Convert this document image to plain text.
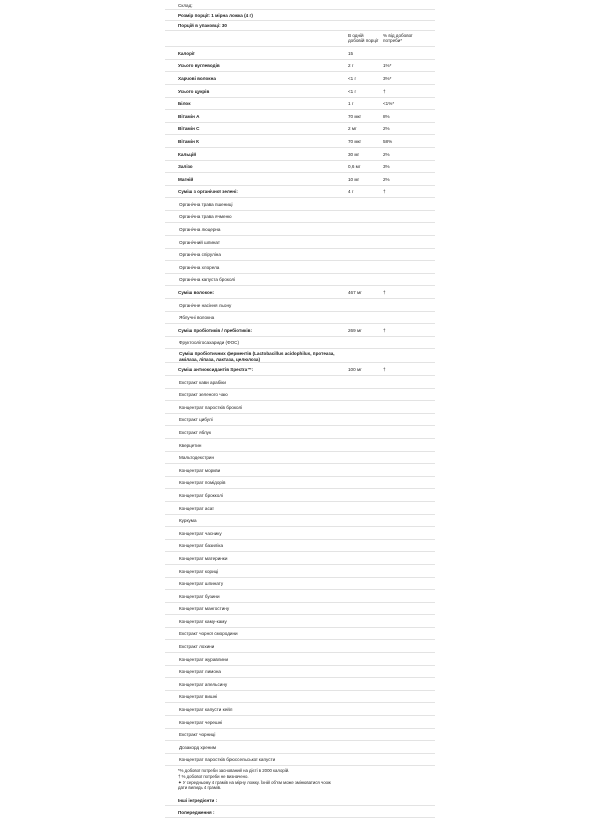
Склад:
Розмір порції: 1 мірна ложка (4 г)
Порцій в упаковці: 30
В одній добовій порції
% від добової потреби*
Калорії	15
Усього вуглеводів	2 г	1%*
Харчові волокна	<1 г	3%*
Усього цукрів	<1 г	†
Білок	1 г	<1%*
Вітамін А	70 мкг	8%
Вітамін С	2 мг	2%
Вітамін К	70 мкг	58%
Кальцій	30 мг	2%
Залізо	0,6 мг	3%
Магній	10 мг	2%
Суміш з органічної зелені:	4 г	†
Органічна трава пшениці
Органічна трава ячменю
Органічна люцерна
Органічний шпинат
Органічна спіруліна
Органічна хлорела
Органічна капуста броколі
Суміш волокон:	467 мг	†
Органічне насіння льону
Яблучні волокна
Суміш пробіотиків / пребіотиків:	269 мг	†
Фруктоолігосахариди (ФОС)
Суміш пробіотичних ферментів (Lactobacillus acidophilus, протеаза, амілаза, ліпаза, лактаза, целюлоза)
Суміш антиоксидантів Spectra™:	100 мг	†
Екстракт кави арабіки
Екстракт зеленого чаю
Концентрат паростків броколі
Екстракт цибулі
Екстракт яблук
Кверцетин
Мальтодекстрин
Концентрат моркви
Концентрат помідорів
Концентрат брокколі
Концентрат асаї
Куркума
Концентрат часнику
Концентрат базиліка
Концентрат материнки
Концентрат кориці
Концентрат шпинату
Концентрат бузини
Концентрат мангостину
Концентрат каму-каму
Екстракт чорної смородини
Екстракт лохини
Концентрат журавлини
Концентрат лимона
Концентрат апельсину
Концентрат вишні
Концентрат капусти кейл
Концентрат черешні
Екстракт чорниці
Дозакорд хреним
Концентрат паростків брюссельської капусти
*% добової потреби заснований на дієті в 2000 калорій.
† % добової потреби не визначено.
✦ У середньому 4 грамів на мірну ложку. Їхній об'єм може змінюватися чоож
дати вилидь 4 грамів.
Інші інгредієнти :
Попередження :
